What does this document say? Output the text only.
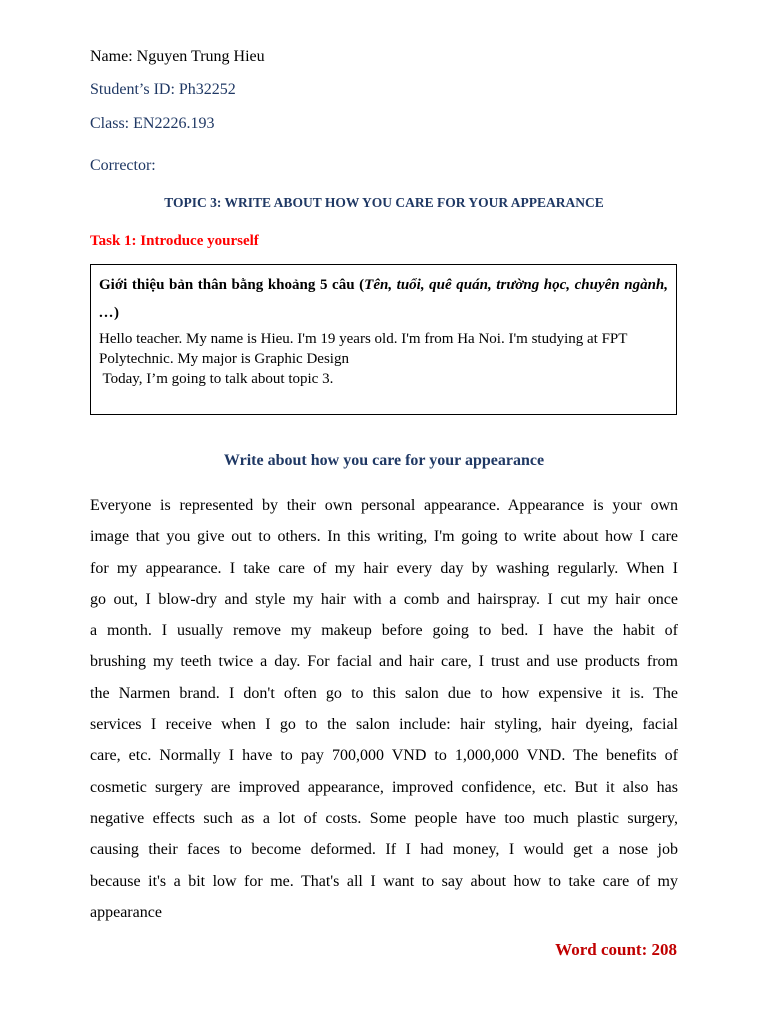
Name: Nguyen Trung Hieu
Student’s ID: Ph32252
Class: EN2226.193
Corrector:
TOPIC 3: WRITE ABOUT HOW YOU CARE FOR YOUR APPEARANCE
Task 1: Introduce yourself
Giới thiệu bản thân bằng khoảng 5 câu (Tên, tuổi, quê quán, trường học, chuyên ngành, …)
Hello teacher. My name is Hieu. I'm 19 years old. I'm from Ha Noi. I'm studying at FPT
Polytechnic. My major is Graphic Design
Today, I’m going to talk about topic 3.
Write about how you care for your appearance
Everyone is represented by their own personal appearance. Appearance is your own
image that you give out to others. In this writing, I'm going to write about how I care
for my appearance. I take care of my hair every day by washing regularly. When I
go out, I blow-dry and style my hair with a comb and hairspray. I cut my hair once
a month. I usually remove my makeup before going to bed. I have the habit of
brushing my teeth twice a day. For facial and hair care, I trust and use products from
the Narmen brand. I don't often go to this salon due to how expensive it is. The
services I receive when I go to the salon include: hair styling, hair dyeing, facial
care, etc. Normally I have to pay 700,000 VND to 1,000,000 VND. The benefits of
cosmetic surgery are improved appearance, improved confidence, etc. But it also has
negative effects such as a lot of costs. Some people have too much plastic surgery,
causing their faces to become deformed. If I had money, I would get a nose job
because it's a bit low for me. That's all I want to say about how to take care of my
appearance
Word count: 208
